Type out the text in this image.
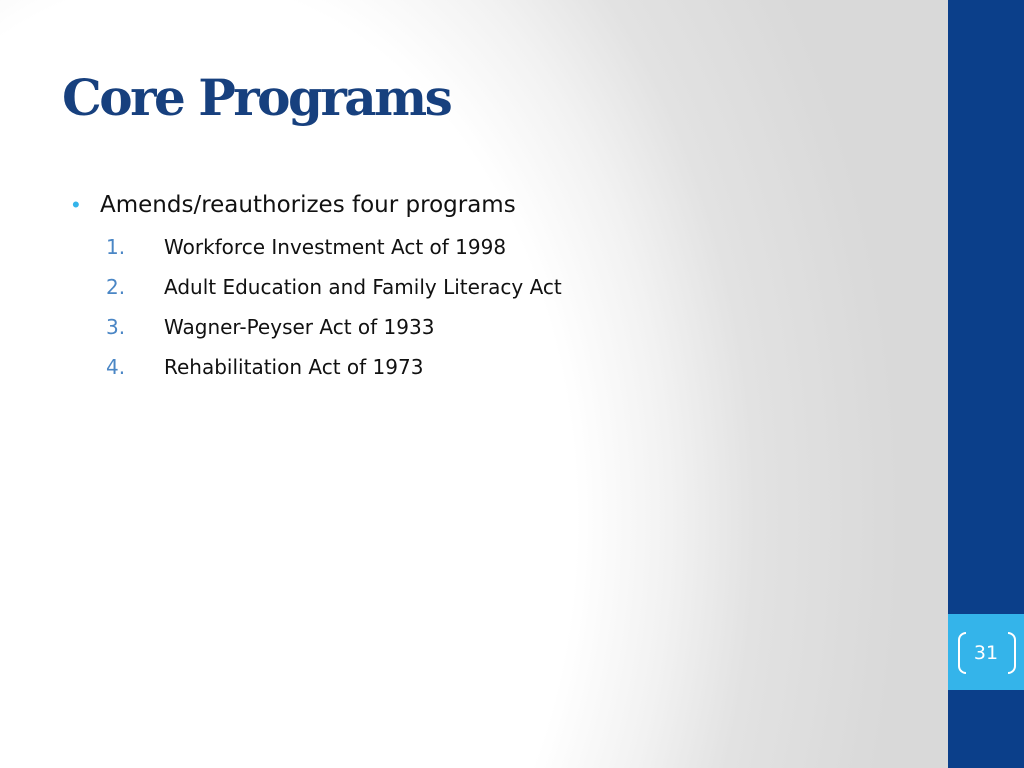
31
Core Programs
• Amends/reauthorizes four programs
1. Workforce Investment Act of 1998
2. Adult Education and Family Literacy Act
3. Wagner-Peyser Act of 1933
4. Rehabilitation Act of 1973
